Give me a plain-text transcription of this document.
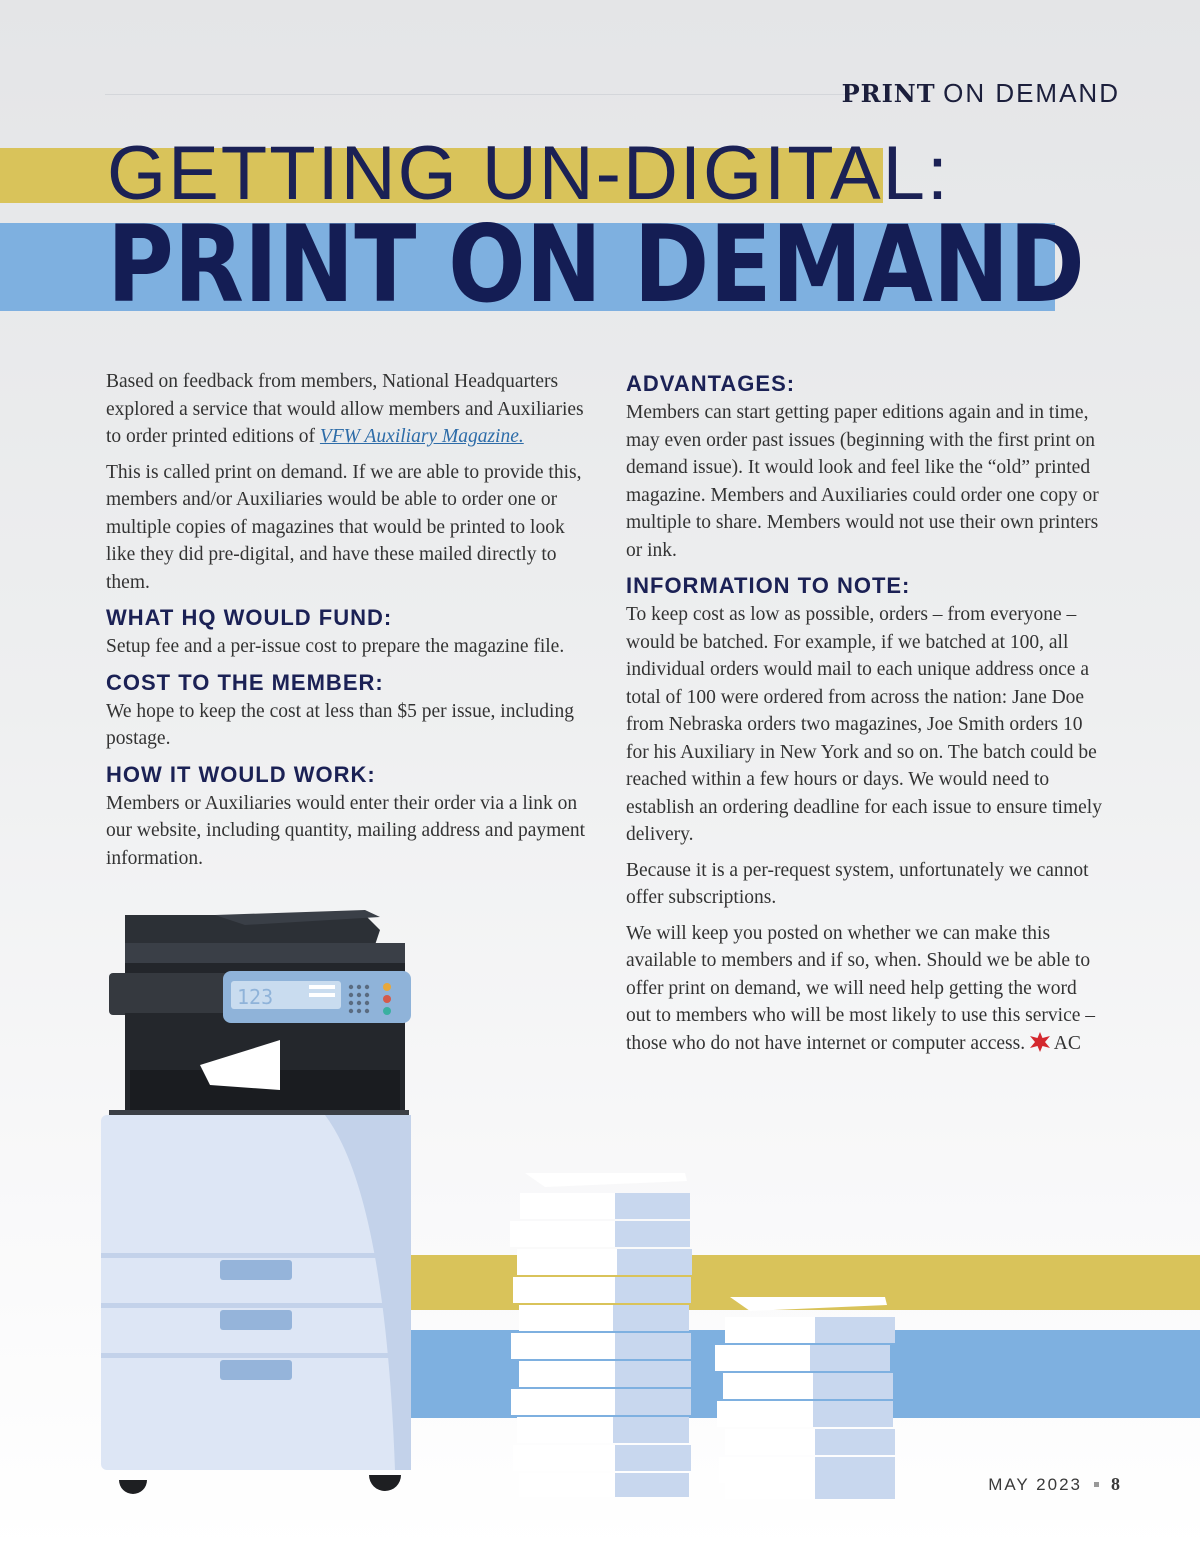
PRINT ON DEMAND
GETTING UN-DIGITAL:
PRINT ON DEMAND

Based on feedback from members, National Headquarters explored a service that would allow members and Auxiliaries to order printed editions of VFW Auxiliary Magazine.

This is called print on demand. If we are able to provide this, members and/or Auxiliaries would be able to order one or multiple copies of magazines that would be printed to look like they did pre-digital, and have these mailed directly to them.

WHAT HQ WOULD FUND:

Setup fee and a per-issue cost to prepare the magazine file.

COST TO THE MEMBER:

We hope to keep the cost at less than $5 per issue, including postage.

HOW IT WOULD WORK:

Members or Auxiliaries would enter their order via a link on our website, including quantity, mailing address and payment information.

ADVANTAGES:

Members can start getting paper editions again and in time, may even order past issues (beginning with the first print on demand issue). It would look and feel like the “old” printed magazine. Members and Auxiliaries could order one copy or multiple to share. Members would not use their own printers or ink.

INFORMATION TO NOTE:

To keep cost as low as possible, orders – from everyone – would be batched. For example, if we batched at 100, all individual orders would mail to each unique address once a total of 100 were ordered from across the nation: Jane Doe from Nebraska orders two magazines, Joe Smith orders 10 for his Auxiliary in New York and so on. The batch could be reached within a few hours or days. We would need to establish an ordering deadline for each issue to ensure timely delivery.

Because it is a per-request system, unfortunately we cannot offer subscriptions.

We will keep you posted on whether we can make this available to members and if so, when. Should we be able to offer print on demand, we will need help getting the word out to members who will be most likely to use this service – those who do not have internet or computer access. AC

123
MAY 2023 8
